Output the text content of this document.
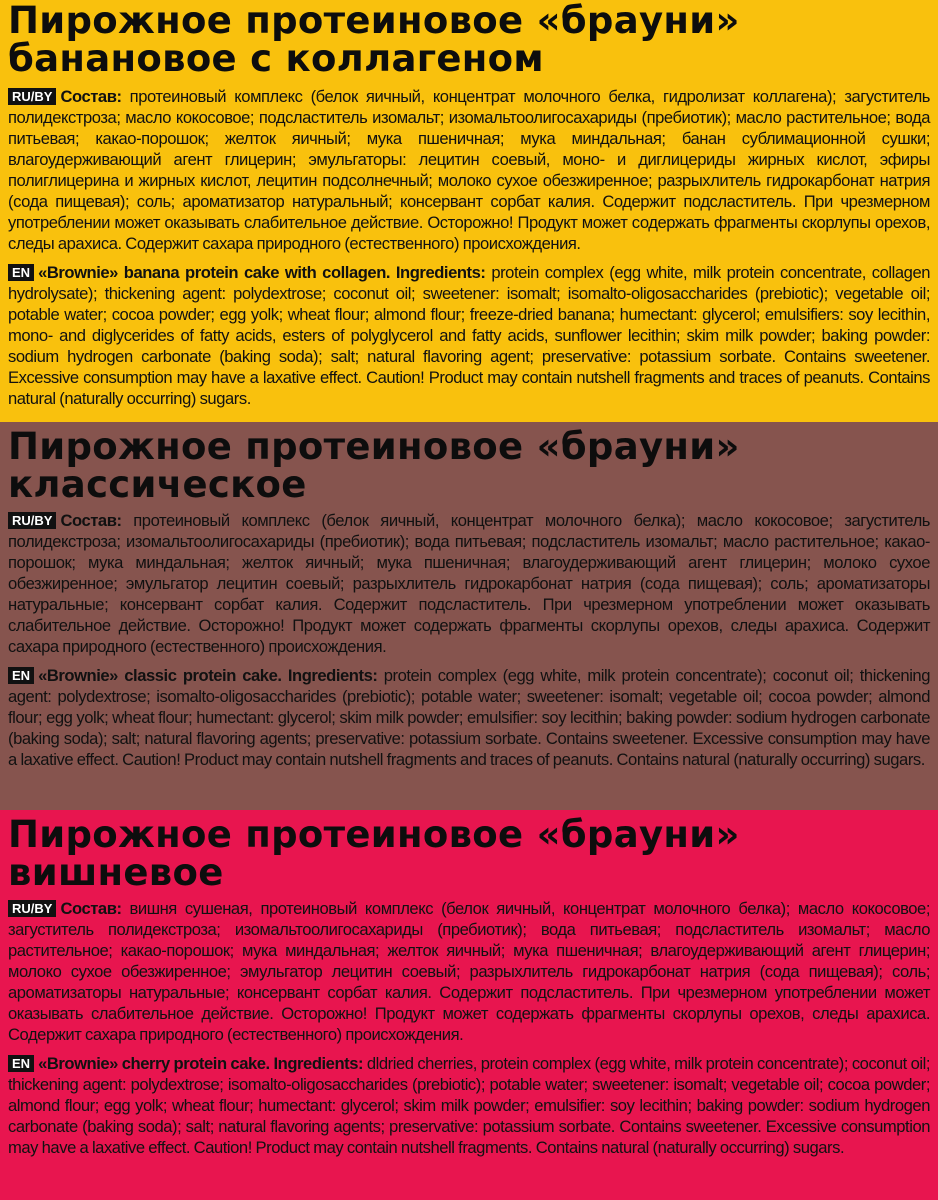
Пирожное протеиновое «брауни»
банановое с коллагеном

RU/BY Состав: протеиновый комплекс (белок яичный, концентрат молочного белка, гидролизат коллагена); загуститель полидекстроза; масло кокосовое; подсластитель изомальт; изомальтоолигосахариды (пребиотик); масло растительное; вода питьевая; какао-порошок; желток яичный; мука пшеничная; мука миндальная; банан сублимационной сушки; влагоудерживающий агент глицерин; эмульгаторы: лецитин соевый, моно- и диглицериды жирных кислот, эфиры полиглицерина и жирных кислот, лецитин подсолнечный; молоко сухое обезжиренное; разрыхлитель гидрокарбонат натрия (сода пищевая); соль; ароматизатор натуральный; консервант сорбат калия. Содержит подсластитель. При чрезмерном употреблении может оказывать слабительное действие. Осторожно! Продукт может содержать фрагменты скорлупы орехов, следы арахиса. Содержит сахара природного (естественного) происхождения.

EN «Brownie» banana protein cake with collagen. Ingredients: protein complex (egg white, milk protein concentrate, collagen hydrolysate); thickening agent: polydextrose; coconut oil; sweetener: isomalt; isomalto-oligosaccharides (prebiotic); vegetable oil; potable water; cocoa powder; egg yolk; wheat flour; almond flour; freeze-dried banana; humectant: glycerol; emulsifiers: soy lecithin, mono- and diglycerides of fatty acids, esters of polyglycerol and fatty acids, sunflower lecithin; skim milk powder; baking powder: sodium hydrogen carbonate (baking soda); salt; natural flavoring agent; preservative: potassium sorbate. Contains sweetener. Excessive consumption may have a laxative effect. Caution! Product may contain nutshell fragments and traces of peanuts. Contains natural (naturally occurring) sugars.

Пирожное протеиновое «брауни»
классическое

RU/BY Состав: протеиновый комплекс (белок яичный, концентрат молочного белка); масло кокосовое; загуститель полидекстроза; изомальтоолигосахариды (пребиотик); вода питьевая; подсластитель изомальт; масло растительное; какао-порошок; мука миндальная; желток яичный; мука пшеничная; влагоудерживающий агент глицерин; молоко сухое обезжиренное; эмульгатор лецитин соевый; разрыхлитель гидрокарбонат натрия (сода пищевая); соль; ароматизаторы натуральные; консервант сорбат калия. Содержит подсластитель. При чрезмерном употреблении может оказывать слабительное действие. Осторожно! Продукт может содержать фрагменты скорлупы орехов, следы арахиса. Содержит сахара природного (естественного) происхождения.

EN «Brownie» classic protein cake. Ingredients: protein complex (egg white, milk protein concentrate); coconut oil; thickening agent: polydextrose; isomalto-oligosaccharides (prebiotic); potable water; sweetener: isomalt; vegetable oil; cocoa powder; almond flour; egg yolk; wheat flour; humectant: glycerol; skim milk powder; emulsifier: soy lecithin; baking powder: sodium hydrogen carbonate (baking soda); salt; natural flavoring agents; preservative: potassium sorbate. Contains sweetener. Excessive consumption may have a laxative effect. Caution! Product may contain nutshell fragments and traces of peanuts. Contains natural (naturally occurring) sugars.

Пирожное протеиновое «брауни»
вишневое

RU/BY Состав: вишня сушеная, протеиновый комплекс (белок яичный, концентрат молочного белка); масло кокосовое; загуститель полидекстроза; изомальтоолигосахариды (пребиотик); вода питьевая; подсластитель изомальт; масло растительное; какао-порошок; мука миндальная; желток яичный; мука пшеничная; влагоудерживающий агент глицерин; молоко сухое обезжиренное; эмульгатор лецитин соевый; разрыхлитель гидрокарбонат натрия (сода пищевая); соль; ароматизаторы натуральные; консервант сорбат калия. Содержит подсластитель. При чрезмерном употреблении может оказывать слабительное действие. Осторожно! Продукт может содержать фрагменты скорлупы орехов, следы арахиса. Содержит сахара природного (естественного) происхождения.

EN «Brownie» cherry protein cake. Ingredients: dldried cherries, protein complex (egg white, milk protein concentrate); coconut oil; thickening agent: polydextrose; isomalto-oligosaccharides (prebiotic); potable water; sweetener: isomalt; vegetable oil; cocoa powder; almond flour; egg yolk; wheat flour; humectant: glycerol; skim milk powder; emulsifier: soy lecithin; baking powder: sodium hydrogen carbonate (baking soda); salt; natural flavoring agents; preservative: potassium sorbate. Contains sweetener. Excessive consumption may have a laxative effect. Caution! Product may contain nutshell fragments. Contains natural (naturally occurring) sugars.
